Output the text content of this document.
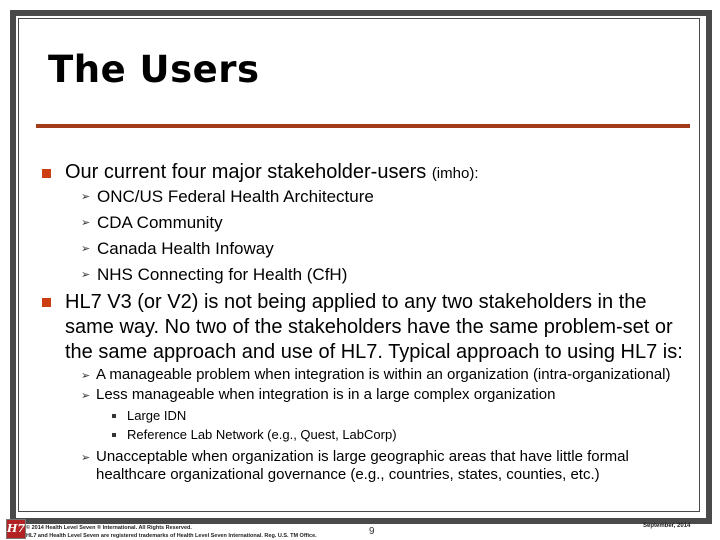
The Users
Our current four major stakeholder-users (imho):
➢ ONC/US Federal Health Architecture
➢ CDA Community
➢ Canada Health Infoway
➢ NHS Connecting for Health (CfH)
HL7 V3 (or V2) is not being applied to any two stakeholders in the
same way. No two of the stakeholders have the same problem-set or
the same approach and use of HL7. Typical approach to using HL7 is:
➢ A manageable problem when integration is within an organization (intra-organizational)
➢ Less manageable when integration is in a large complex organization
Large IDN
Reference Lab Network (e.g., Quest, LabCorp)
➢ Unacceptable when organization is large geographic areas that have little formal
healthcare organizational governance (e.g., countries, states, counties, etc.)
H7 © 2014 Health Level Seven ® International. All Rights Reserved.
HL7 and Health Level Seven are registered trademarks of Health Level Seven International. Reg. U.S. TM Office.	9	September, 2014
